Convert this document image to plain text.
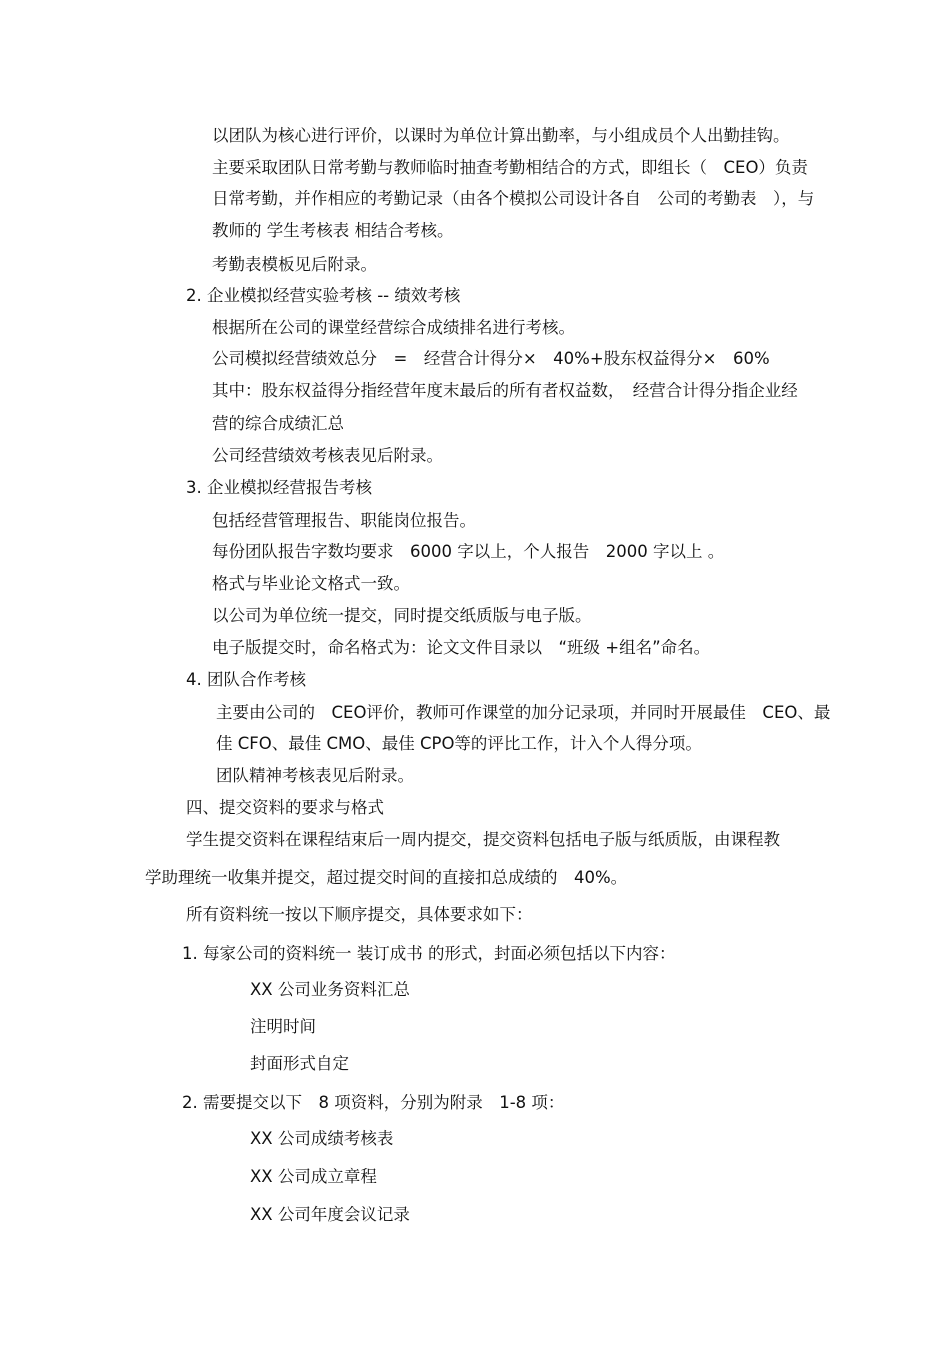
以团队为核心进行评价，以课时为单位计算出勤率，与小组成员个人出勤挂钩。
主要采取团队日常考勤与教师临时抽查考勤相结合的方式，即组长（　CEO）负责
日常考勤，并作相应的考勤记录（由各个模拟公司设计各自　公司的考勤表　），与
教师的 学生考核表 相结合考核。
考勤表模板见后附录。
2. 企业模拟经营实验考核 -- 绩效考核
根据所在公司的课堂经营综合成绩排名进行考核。
公司模拟经营绩效总分　=　经营合计得分×　40%+股东权益得分×　60%
其中：股东权益得分指经营年度末最后的所有者权益数，　经营合计得分指企业经
营的综合成绩汇总
公司经营绩效考核表见后附录。
3. 企业模拟经营报告考核
包括经营管理报告、职能岗位报告。
每份团队报告字数均要求　6000 字以上，个人报告　2000 字以上 。
格式与毕业论文格式一致。
以公司为单位统一提交，同时提交纸质版与电子版。
电子版提交时，命名格式为：论文文件目录以　“班级 +组名”命名。
4. 团队合作考核
主要由公司的　CEO评价，教师可作课堂的加分记录项，并同时开展最佳　CEO、最
佳 CFO、最佳 CMO、最佳 CPO等的评比工作，计入个人得分项。
团队精神考核表见后附录。
四、提交资料的要求与格式
学生提交资料在课程结束后一周内提交，提交资料包括电子版与纸质版，由课程教
学助理统一收集并提交，超过提交时间的直接扣总成绩的　40%。
所有资料统一按以下顺序提交，具体要求如下：
1. 每家公司的资料统一 装订成书 的形式，封面必须包括以下内容：
XX 公司业务资料汇总
注明时间
封面形式自定
2. 需要提交以下　8 项资料，分别为附录　1-8 项：
XX 公司成绩考核表
XX 公司成立章程
XX 公司年度会议记录
